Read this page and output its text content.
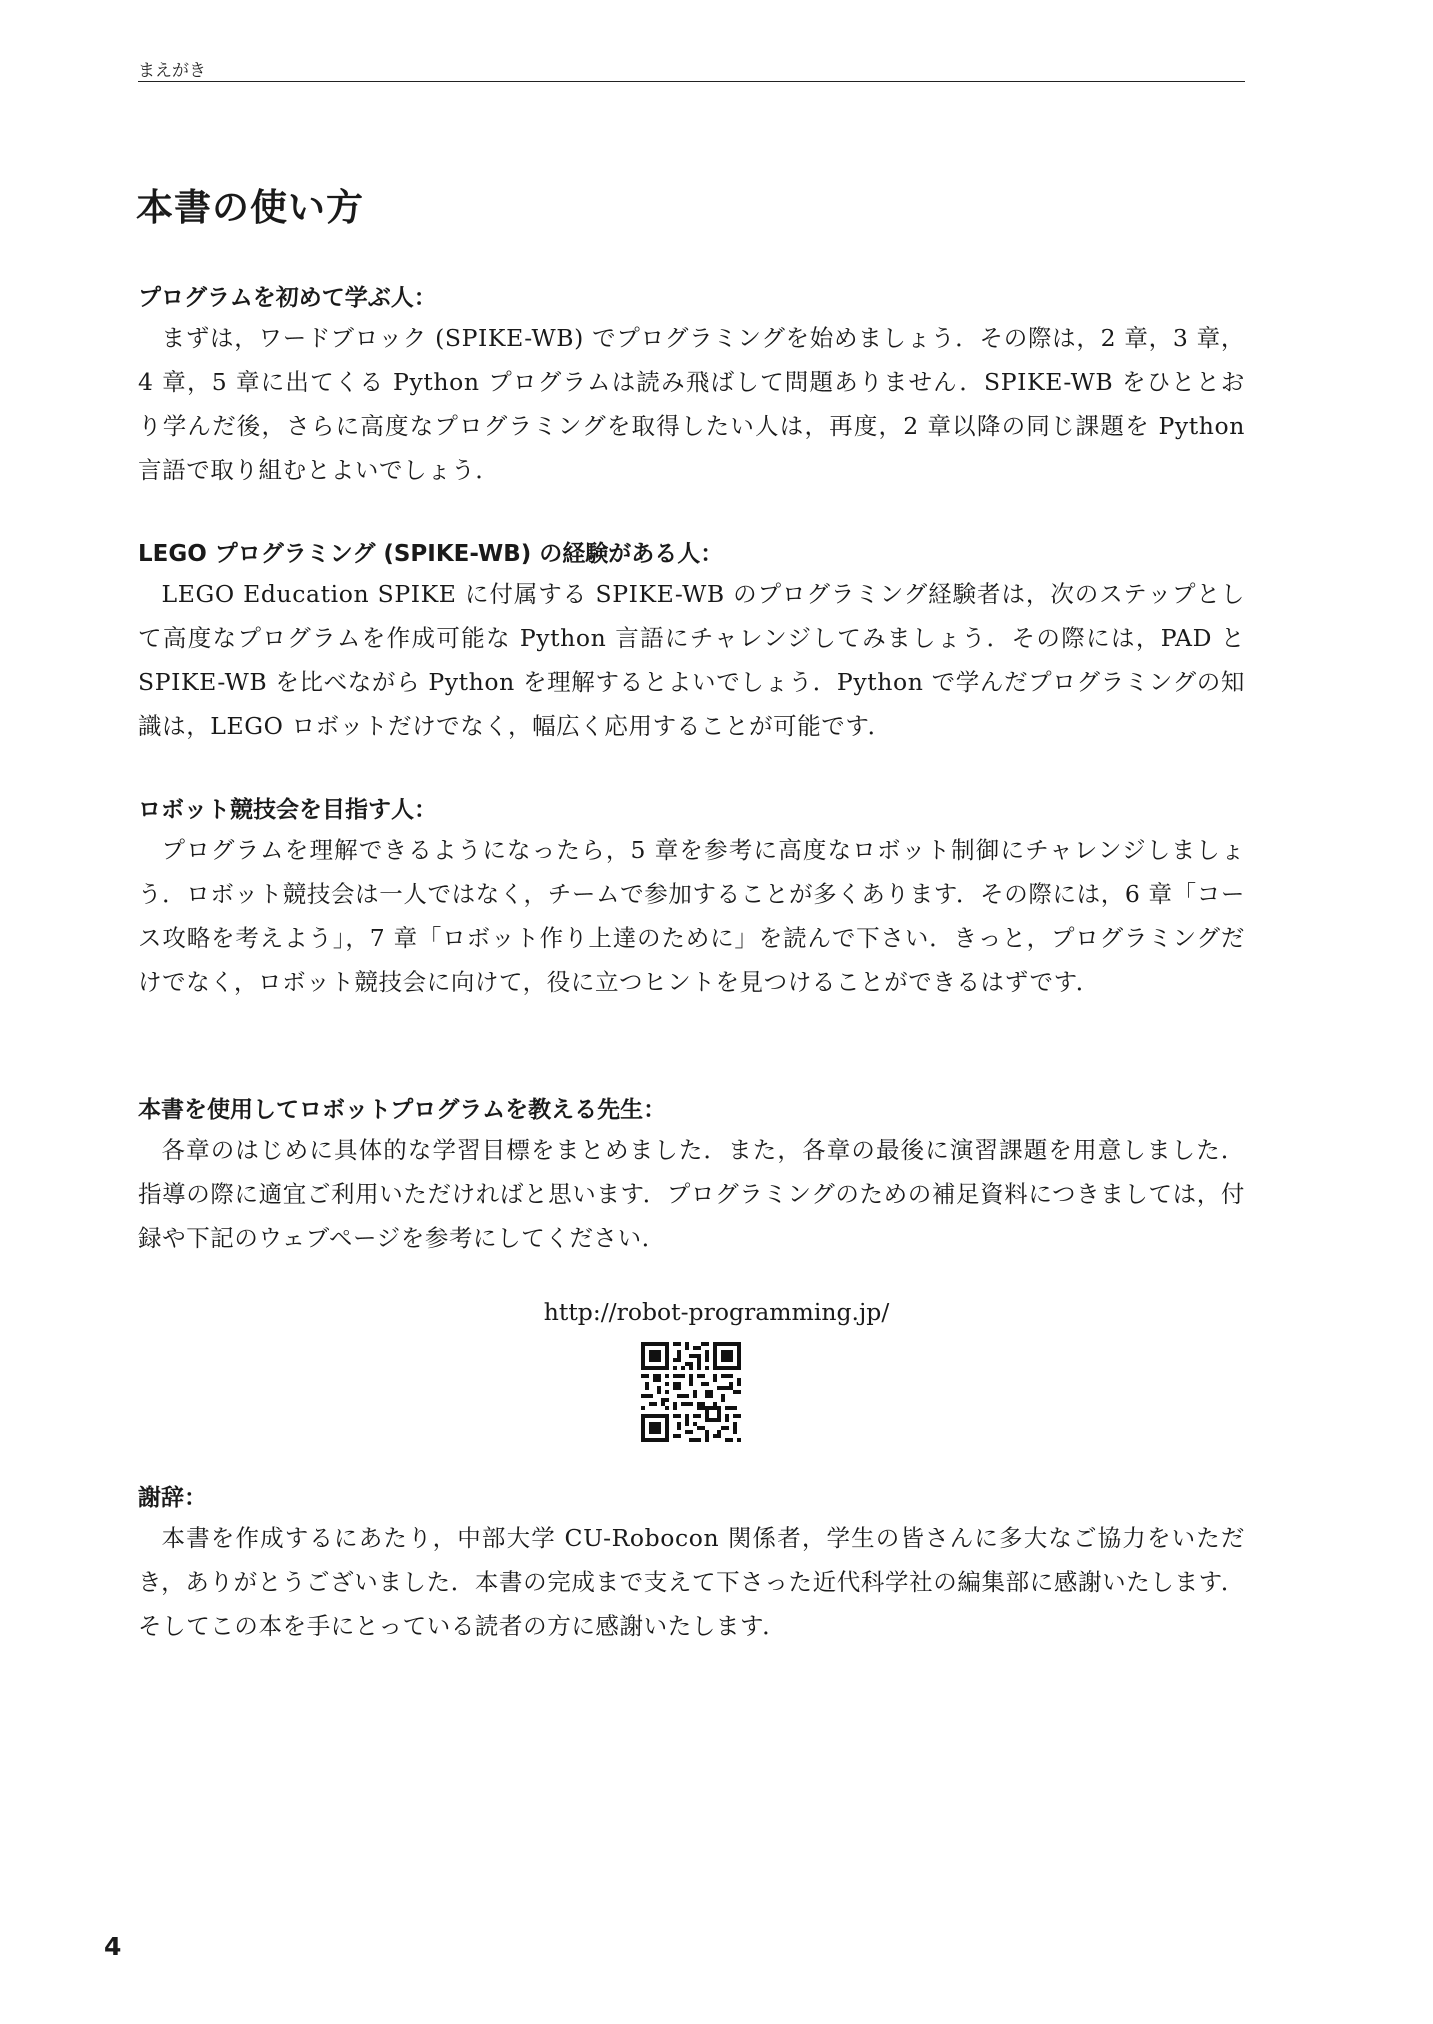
まえがき
本書の使い方
プログラムを初めて学ぶ人：

まずは，ワードブロック (SPIKE-WB) でプログラミングを始めましょう．その際は，2 章，3 章，4 章，5 章に出てくる Python プログラムは読み飛ばして問題ありません．SPIKE-WB をひととおり学んだ後，さらに高度なプログラミングを取得したい人は，再度，2 章以降の同じ課題を Python 言語で取り組むとよいでしょう．

LEGO プログラミング (SPIKE-WB) の経験がある人：

LEGO Education SPIKE に付属する SPIKE-WB のプログラミング経験者は，次のステップとして高度なプログラムを作成可能な Python 言語にチャレンジしてみましょう．その際には，PAD と SPIKE-WB を比べながら Python を理解するとよいでしょう．Python で学んだプログラミングの知識は，LEGO ロボットだけでなく，幅広く応用することが可能です．

ロボット競技会を目指す人：

プログラムを理解できるようになったら，5 章を参考に高度なロボット制御にチャレンジしましょう．ロボット競技会は一人ではなく，チームで参加することが多くあります．その際には，6 章「コース攻略を考えよう」，7 章「ロボット作り上達のために」を読んで下さい．きっと，プログラミングだけでなく，ロボット競技会に向けて，役に立つヒントを見つけることができるはずです．

本書を使用してロボットプログラムを教える先生：

各章のはじめに具体的な学習目標をまとめました．また，各章の最後に演習課題を用意しました．指導の際に適宜ご利用いただければと思います．プログラミングのための補足資料につきましては，付録や下記のウェブページを参考にしてください．

http://robot-programming.jp/
謝辞：

本書を作成するにあたり，中部大学 CU-Robocon 関係者，学生の皆さんに多大なご協力をいただき，ありがとうございました．本書の完成まで支えて下さった近代科学社の編集部に感謝いたします．そしてこの本を手にとっている読者の方に感謝いたします．

4
